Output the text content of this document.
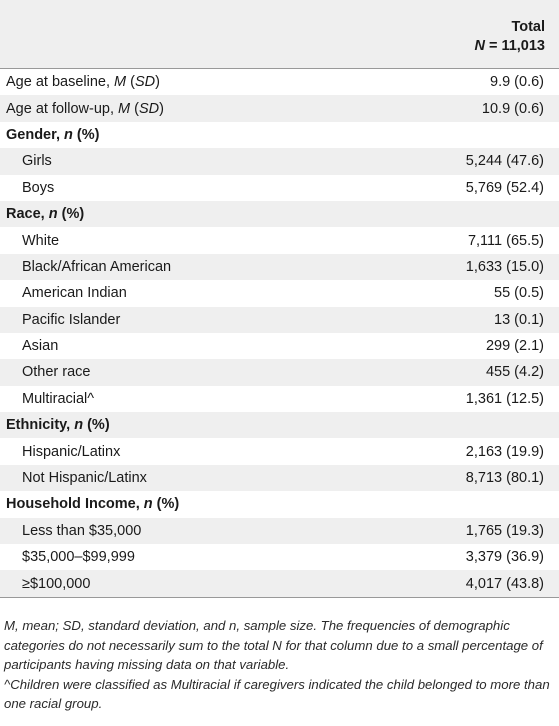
	Total
	N = 11,013
Age at baseline, M (SD)	9.9 (0.6)
Age at follow-up, M (SD)	10.9 (0.6)
Gender, n (%)	
Girls	5,244 (47.6)
Boys	5,769 (52.4)
Race, n (%)	
White	7,111 (65.5)
Black/African American	1,633 (15.0)
American Indian	55 (0.5)
Pacific Islander	13 (0.1)
Asian	299 (2.1)
Other race	455 (4.2)
Multiracial^	1,361 (12.5)
Ethnicity, n (%)	
Hispanic/Latinx	2,163 (19.9)
Not Hispanic/Latinx	8,713 (80.1)
Household Income, n (%)	
Less than $35,000	1,765 (19.3)
$35,000–$99,999	3,379 (36.9)
≥$100,000	4,017 (43.8)

M, mean; SD, standard deviation, and n, sample size. The frequencies of demographic categories do not necessarily sum to the total N for that column due to a small percentage of participants having missing data on that variable.

^Children were classified as Multiracial if caregivers indicated the child belonged to more than one racial group.
